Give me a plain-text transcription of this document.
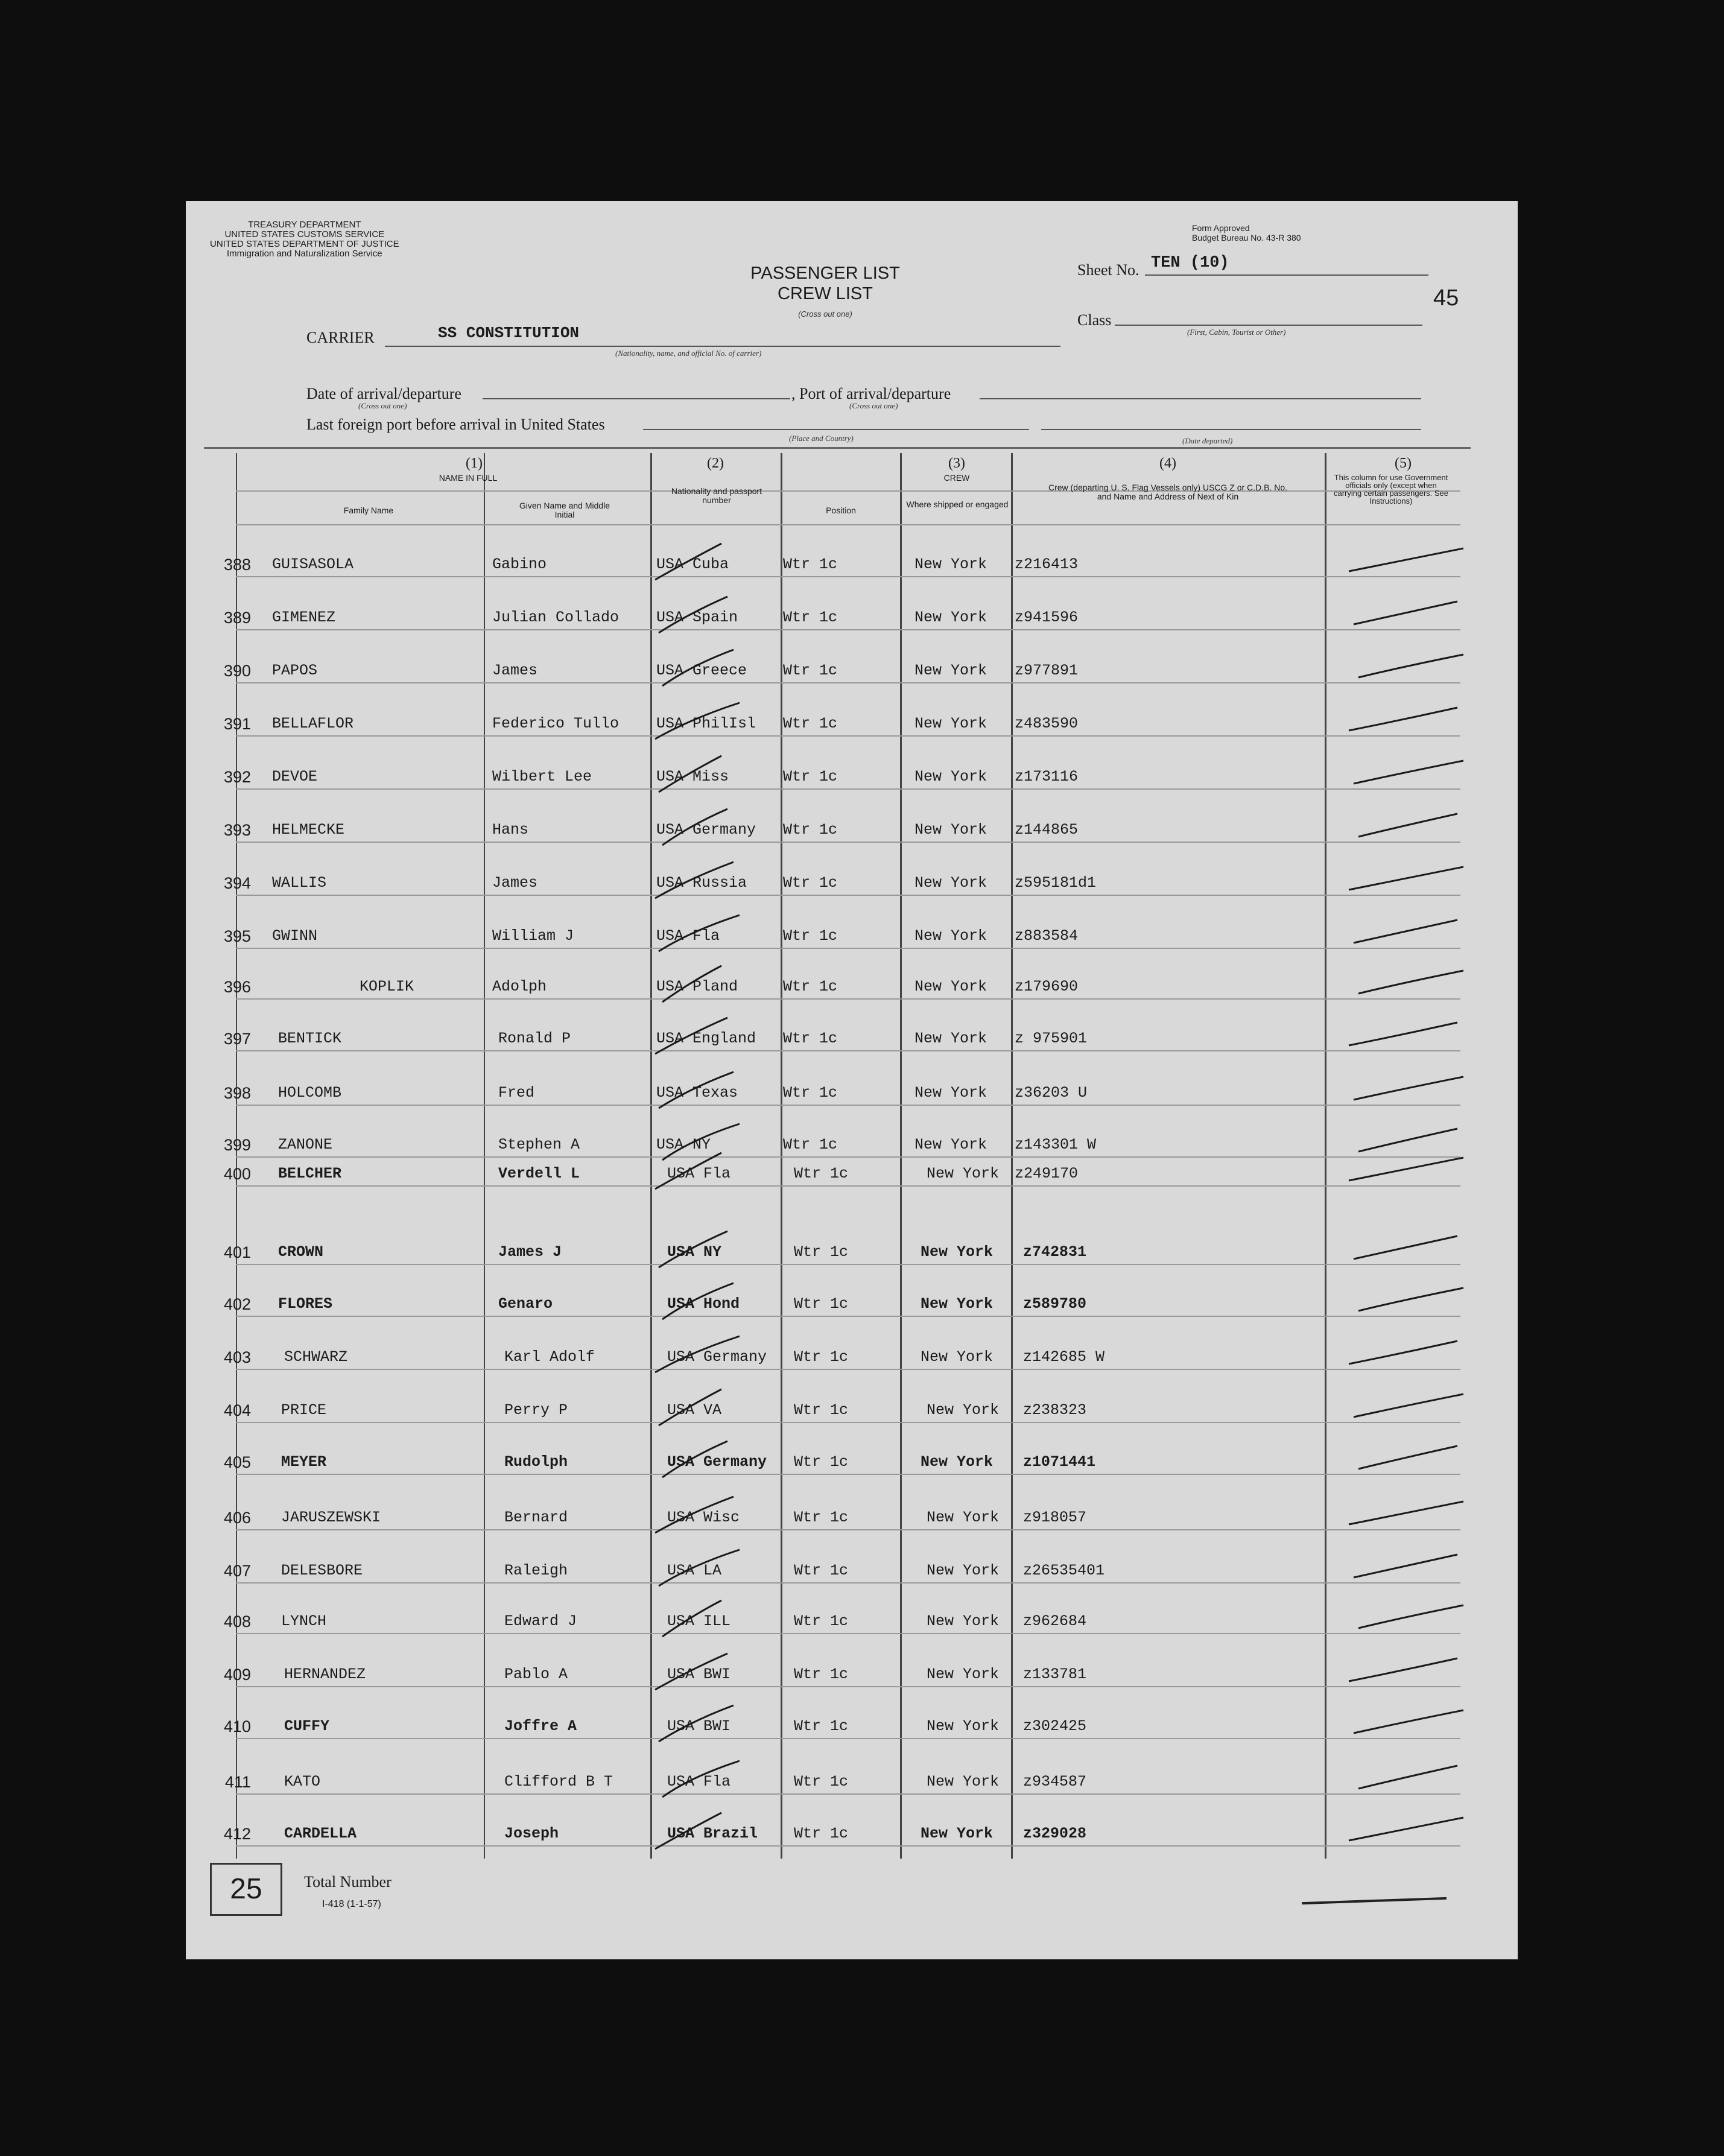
TREASURY DEPARTMENT
UNITED STATES CUSTOMS SERVICE
UNITED STATES DEPARTMENT OF JUSTICE
Immigration and Naturalization Service
Form Approved
Budget Bureau No. 43-R 380
PASSENGER LIST
CREW LIST
(Cross out one)
Sheet No. TEN (10)
45
Class
(First, Cabin, Tourist or Other)
CARRIER	SS CONSTITUTION
(Nationality, name, and official No. of carrier)
Date of arrival/departure
(Cross out one)
, Port of arrival/departure
(Cross out one)
Last foreign port before arrival in United States
(Place and Country)	(Date departed)
(1)
NAME IN FULL
Family Name	Given Name and Middle Initial
(2)
Nationality and passport number
(3)
CREW
Position
Where shipped or engaged
(4)
Crew (departing U. S. Flag Vessels only) USCG Z or C.D.B. No. and Name and Address of Next of Kin
(5)
This column for use Government officials only (except when carrying certain passengers. See Instructions)
388 GUISASOLA	Gabino	USA Cuba	Wtr 1c	New York z216413
389 GIMENEZ	Julian Collado USA Spain	Wtr 1c	New York z941596
390 PAPOS	James	USA Greece Wtr 1c	New York z977891
391 BELLAFLOR	Federico Tullo USA PhilIsl Wtr 1c	New York z483590
392 DEVOE	Wilbert Lee	USA Miss	Wtr 1c	New York z173116
393 HELMECKE	Hans	USA Germany Wtr 1c	New York z144865
394 WALLIS	James	USA Russia Wtr 1c	New York z595181d1
395 GWINN	William J	USA Fla	Wtr 1c	New York z883584
396	KOPLIK	Adolph	USA Pland	Wtr 1c	New York z179690
397 BENTICK	Ronald P	USA England Wtr 1c	New York z 975901
398 HOLCOMB	Fred	USA Texas	Wtr 1c	New York z36203 U
399 ZANONE	Stephen A	USA NY	Wtr 1c	New York z143301 W
400 BELCHER	Verdell L	USA Fla	Wtr 1c	New York z249170
401 CROWN	James J	USA NY	Wtr 1c	New York z742831
402 FLORES	Genaro	USA Hond	Wtr 1c	New York z589780
403 SCHWARZ	Karl Adolf	USA Germany Wtr 1c	New York z142685 W
404 PRICE	Perry P	USA VA	Wtr 1c	New York z238323
405 MEYER	Rudolph	USA Germany Wtr 1c	New York z1071441
406 JARUSZEWSKI	Bernard	USA Wisc	Wtr 1c	New York z918057
407 DELESBORE	Raleigh	USA LA	Wtr 1c	New York z26535401
408 LYNCH	Edward J	USA ILL	Wtr 1c	New York z962684
409 HERNANDEZ	Pablo A	USA BWI	Wtr 1c	New York z133781
410 CUFFY	Joffre A	USA BWI	Wtr 1c	New York z302425
411 KATO	Clifford B T	USA Fla	Wtr 1c	New York z934587
412 CARDELLA	Joseph	USA Brazil Wtr 1c	New York z329028
25	Total Number
I-418 (1-1-57)
